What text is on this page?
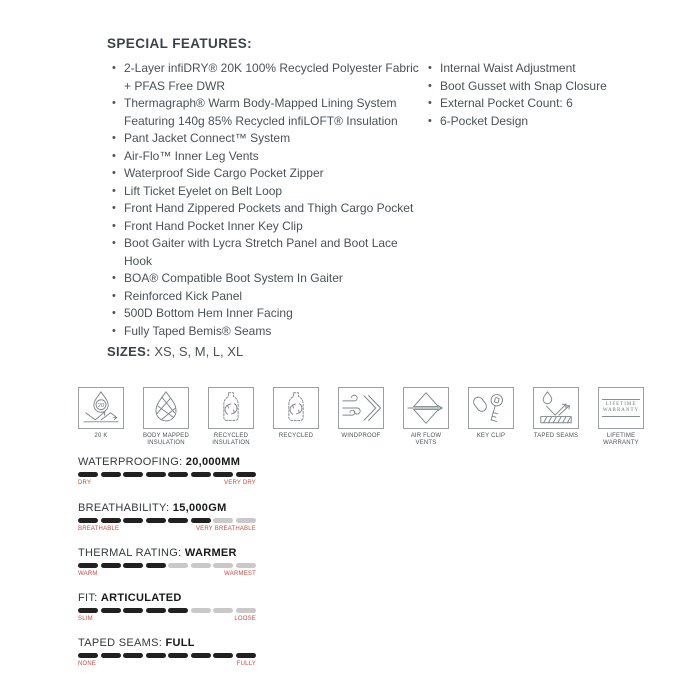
SPECIAL FEATURES:
• 2-Layer infiDRY® 20K 100% Recycled Polyester Fabric + PFAS Free DWR
• Thermagraph® Warm Body-Mapped Lining System Featuring 140g 85% Recycled infiLOFT® Insulation
• Pant Jacket Connect™ System
• Air-Flo™ Inner Leg Vents
• Waterproof Side Cargo Pocket Zipper
• Lift Ticket Eyelet on Belt Loop
• Front Hand Zippered Pockets and Thigh Cargo Pocket
• Front Hand Pocket Inner Key Clip
• Boot Gaiter with Lycra Stretch Panel and Boot Lace Hook
• BOA® Compatible Boot System In Gaiter
• Reinforced Kick Panel
• 500D Bottom Hem Inner Facing
• Fully Taped Bemis® Seams
• Internal Waist Adjustment
• Boot Gusset with Snap Closure
• External Pocket Count: 6
• 6-Pocket Design
SIZES: XS, S, M, L, XL
20
20 K	BODY MAPPED INSULATION
RECYCLED INSULATION
RECYCLED	WINDPROOF	AIR FLOW VENTS
KEY CLIP	TAPED SEAMS
LIFETIME
WARRANTY
LIFETIME WARRANTY
WATERPROOFING: 20,000MM
DRY	VERY DRY
BREATHABILITY: 15,000GM
BREATHABLE	VERY BREATHABLE
THERMAL RATING: WARMER
WARM	WARMEST
FIT: ARTICULATED
SLIM	LOOSE
TAPED SEAMS: FULL
NONE	FULLY
